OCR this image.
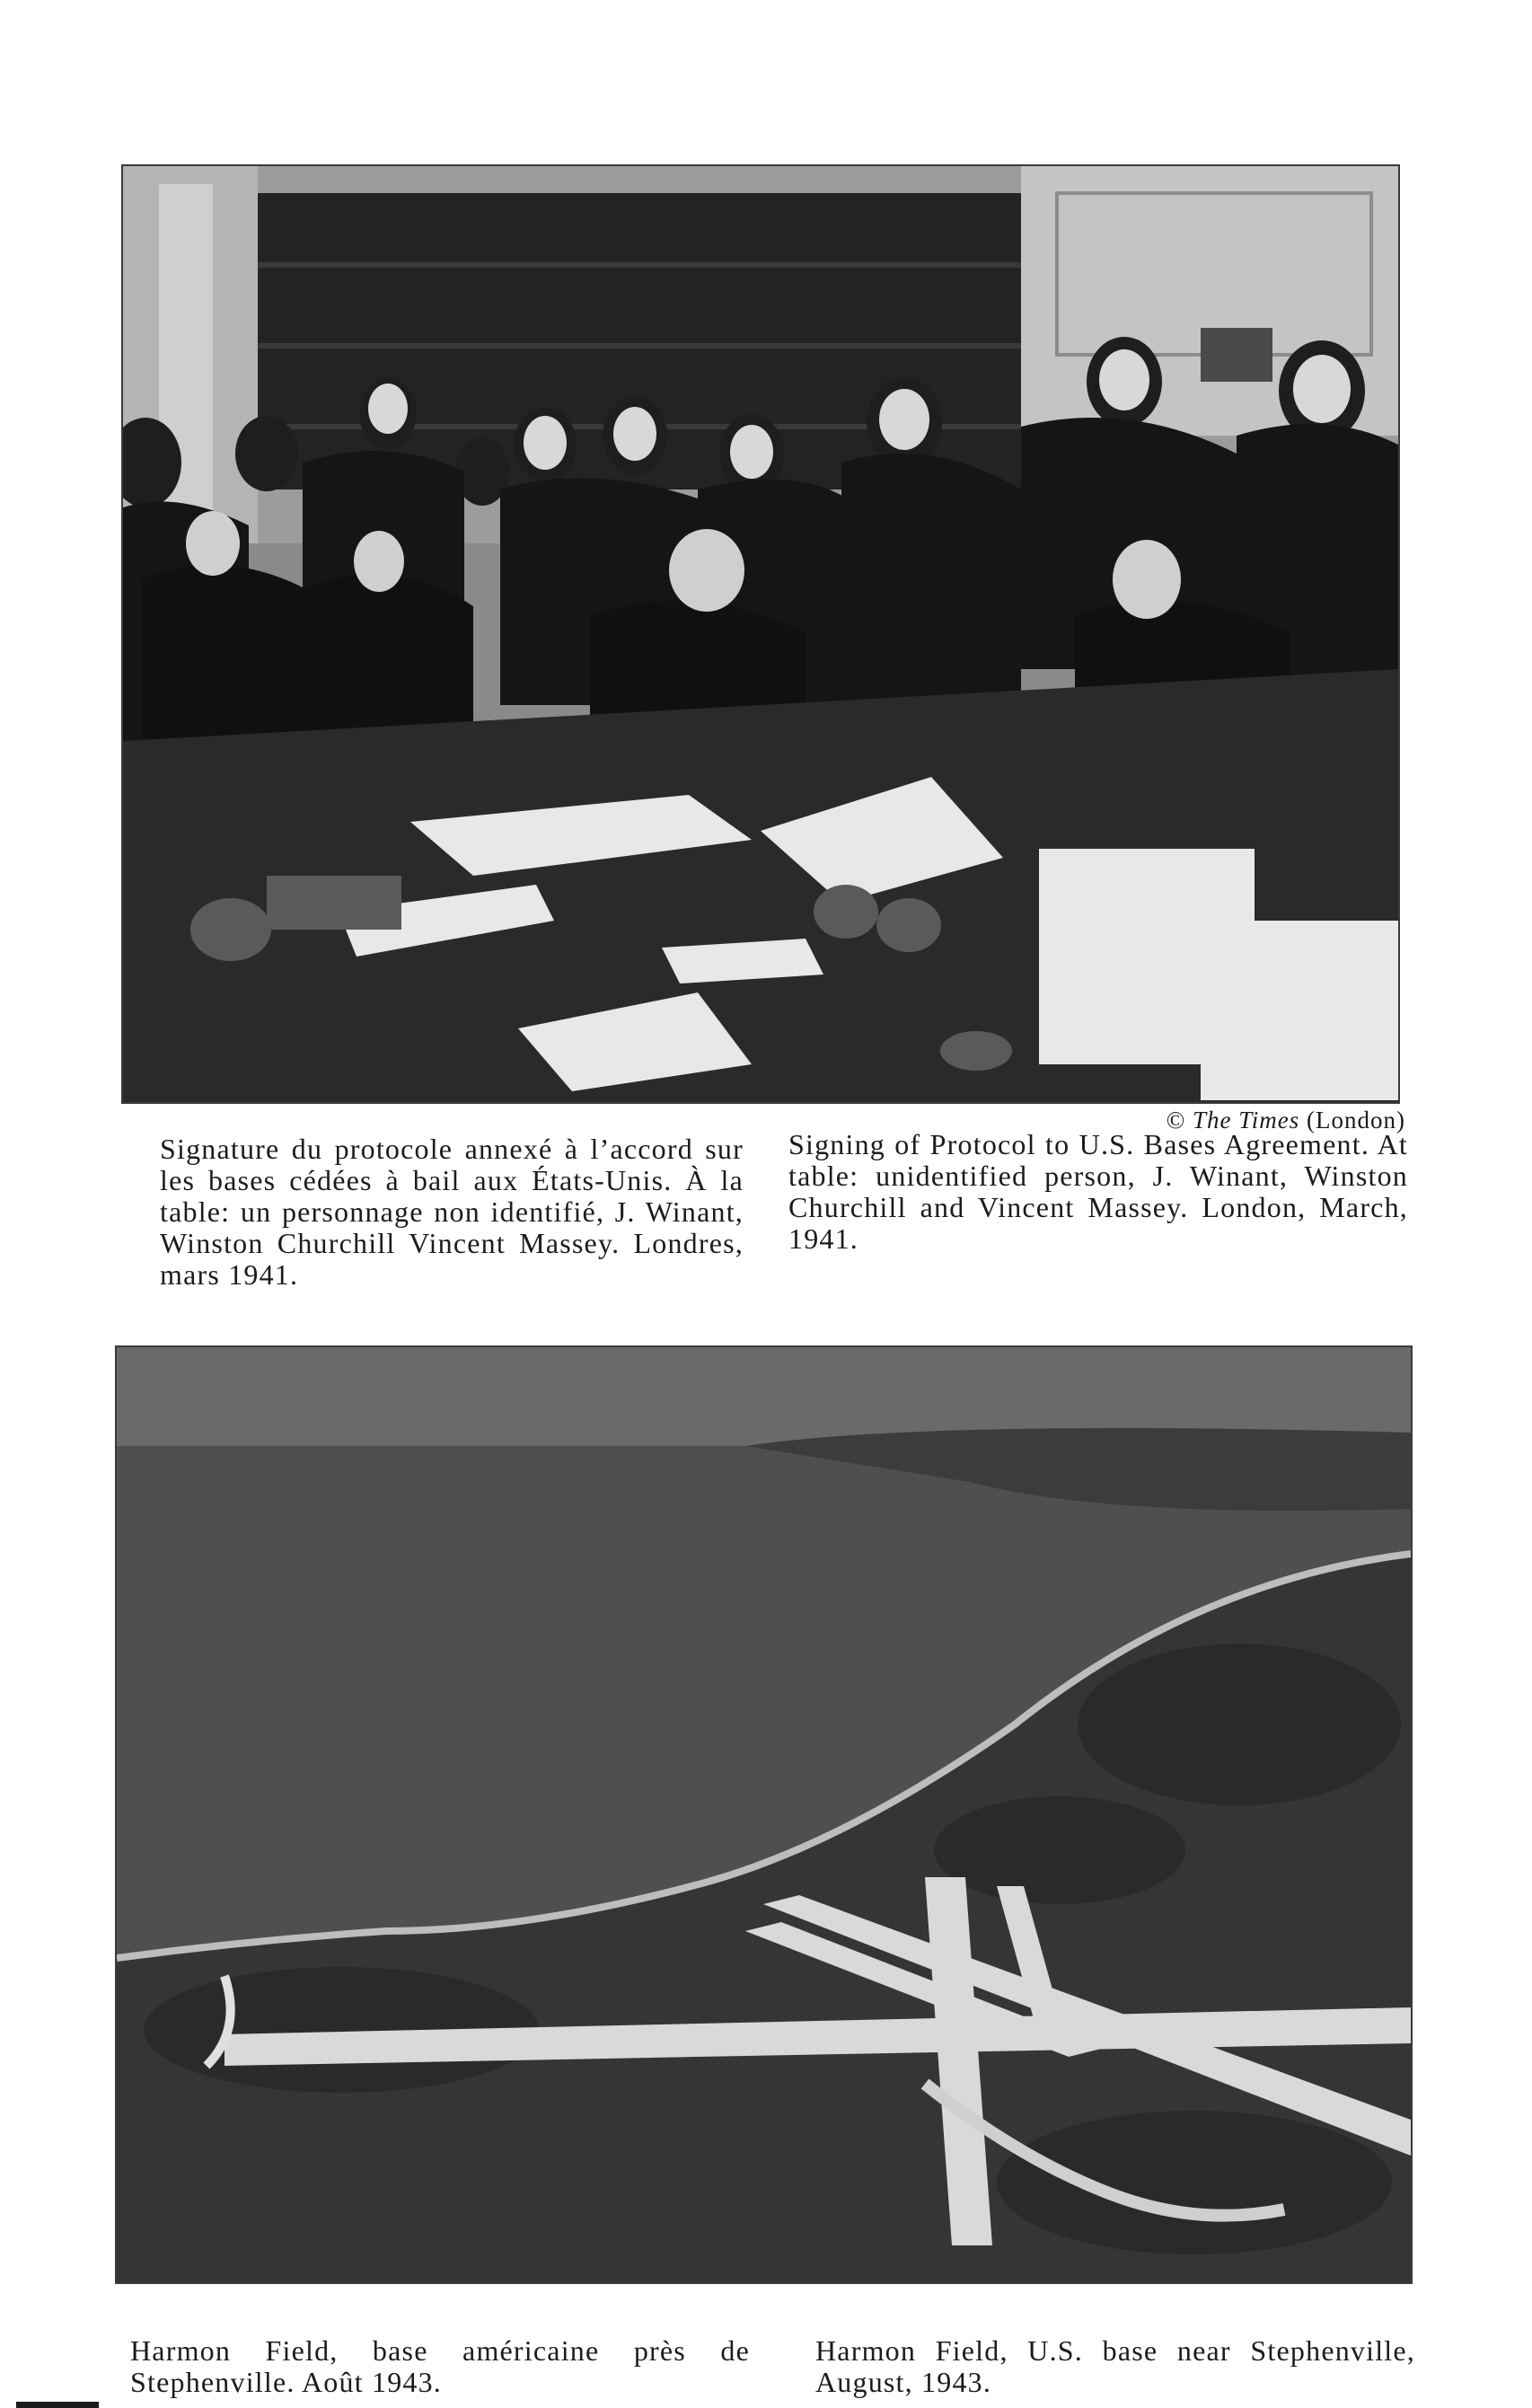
© The Times (London)
Signature du protocole annexé à l’accord sur les bases cédées à bail aux États-Unis. À la table: un personnage non identifié, J. Winant, Winston Churchill Vincent Massey. Londres, mars 1941.
Signing of Protocol to U.S. Bases Agreement. At table: unidentified person, J. Winant, Winston Churchill and Vincent Massey. London, March, 1941.
Harmon Field, base américaine près de Stephenville. Août 1943.
Harmon Field, U.S. base near Stephenville, August, 1943.
